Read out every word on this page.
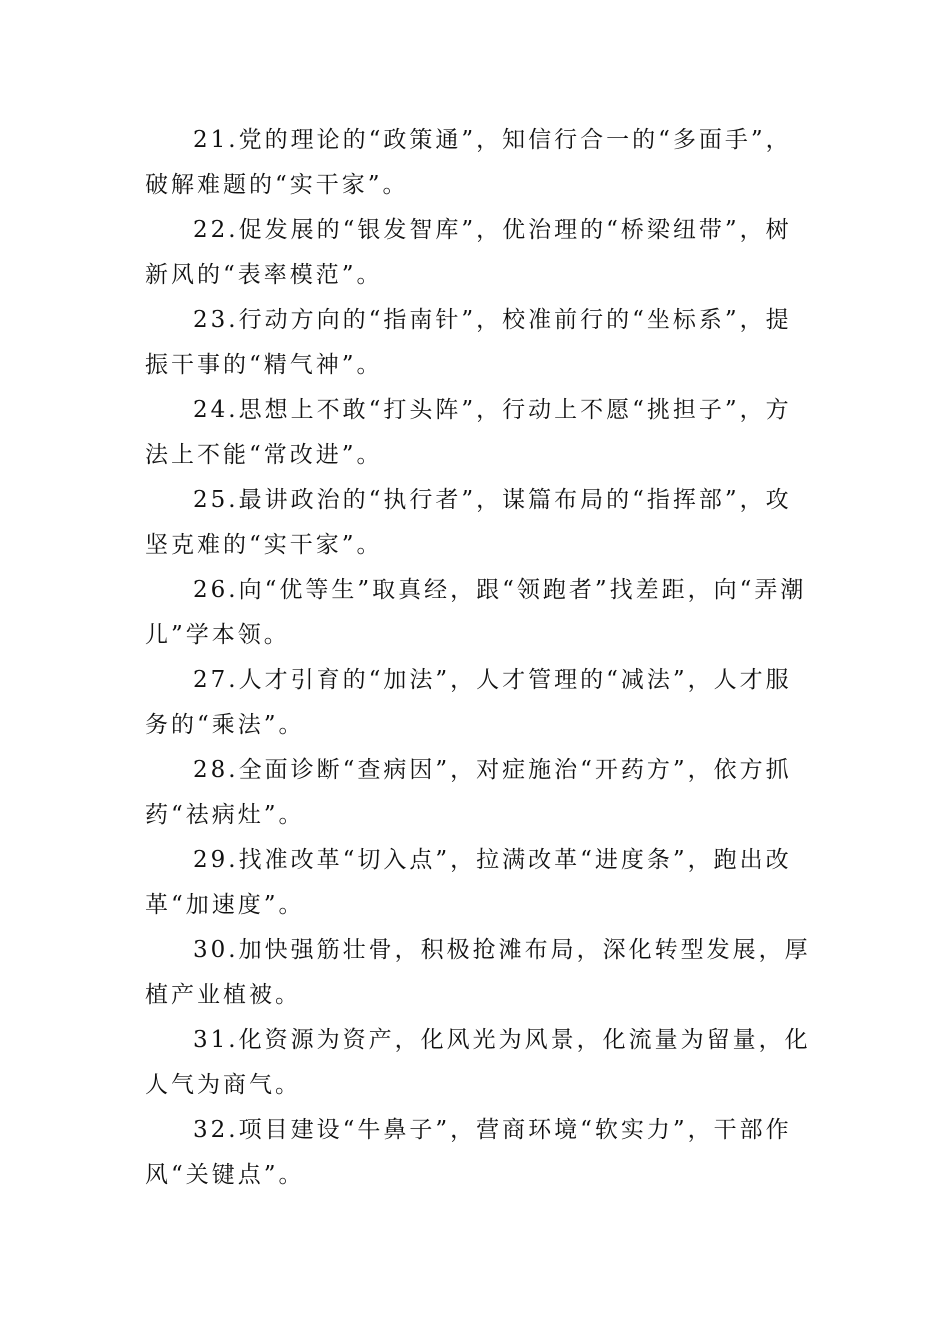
21.党的理论的“政策通”，知信行合一的“多面手”，破解难题的“实干家”。

22.促发展的“银发智库”，优治理的“桥梁纽带”，树新风的“表率模范”。

23.行动方向的“指南针”，校准前行的“坐标系”，提振干事的“精气神”。

24.思想上不敢“打头阵”，行动上不愿“挑担子”，方法上不能“常改进”。

25.最讲政治的“执行者”，谋篇布局的“指挥部”，攻坚克难的“实干家”。

26.向“优等生”取真经，跟“领跑者”找差距，向“弄潮儿”学本领。

27.人才引育的“加法”，人才管理的“减法”，人才服务的“乘法”。

28.全面诊断“查病因”，对症施治“开药方”，依方抓药“祛病灶”。

29.找准改革“切入点”，拉满改革“进度条”，跑出改革“加速度”。

30.加快强筋壮骨，积极抢滩布局，深化转型发展，厚植产业植被。

31.化资源为资产，化风光为风景，化流量为留量，化人气为商气。

32.项目建设“牛鼻子”，营商环境“软实力”，干部作风“关键点”。
